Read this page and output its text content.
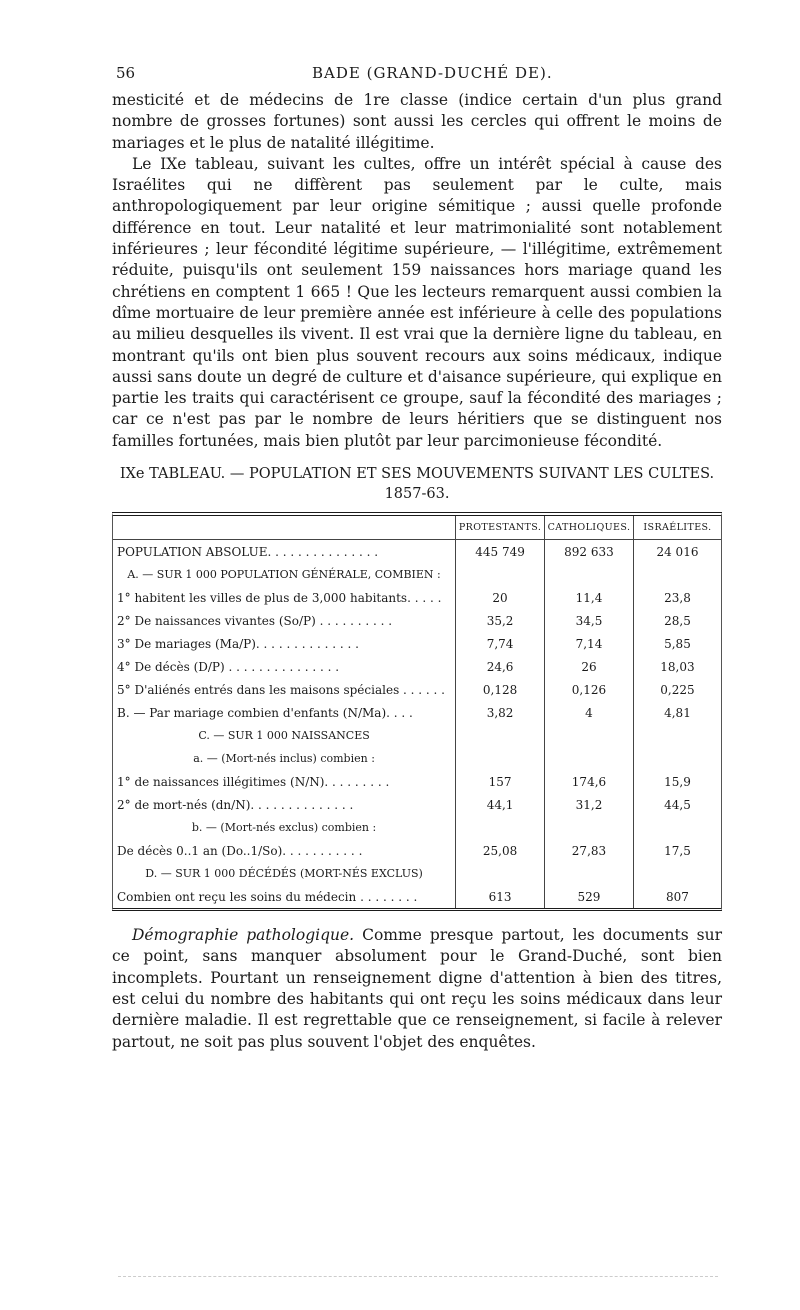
56	BADE (GRAND-DUCHÉ DE).

mesticité et de médecins de 1re classe (indice certain d'un plus grand nombre de grosses fortunes) sont aussi les cercles qui offrent le moins de mariages et le plus de natalité illégitime.

Le IXe tableau, suivant les cultes, offre un intérêt spécial à cause des Israélites qui ne diffèrent pas seulement par le culte, mais anthropologiquement par leur origine sémitique ; aussi quelle profonde différence en tout. Leur natalité et leur matrimonialité sont notablement inférieures ; leur fécondité légitime supérieure, — l'illégitime, extrêmement réduite, puisqu'ils ont seulement 159 naissances hors mariage quand les chrétiens en comptent 1 665 ! Que les lecteurs remarquent aussi combien la dîme mortuaire de leur première année est inférieure à celle des populations au milieu desquelles ils vivent. Il est vrai que la dernière ligne du tableau, en montrant qu'ils ont bien plus souvent recours aux soins médicaux, indique aussi sans doute un degré de culture et d'aisance supérieure, qui explique en partie les traits qui caractérisent ce groupe, sauf la fécondité des mariages ; car ce n'est pas par le nombre de leurs héritiers que se distinguent nos familles fortunées, mais bien plutôt par leur parcimonieuse fécondité.

IXe TABLEAU. — POPULATION ET SES MOUVEMENTS SUIVANT LES CULTES.
1857-63.
	PROTESTANTS.	CATHOLIQUES.	ISRAÉLITES.
POPULATION ABSOLUE. . . . . . . . . . . . . . .	445 749	892 633	24 016
A. — SUR 1 000 POPULATION GÉNÉRALE, COMBIEN :			
1° habitent les villes de plus de 3,000 habitants. . . . .	20	11,4	23,8
2° De naissances vivantes (So/P) . . . . . . . . . .	35,2	34,5	28,5
3° De mariages (Ma/P). . . . . . . . . . . . . .	7,74	7,14	5,85
4° De décès (D/P) . . . . . . . . . . . . . . .	24,6	26	18,03
5° D'aliénés entrés dans les maisons spéciales . . . . . .	0,128	0,126	0,225
B. — Par mariage combien d'enfants (N/Ma). . . .	3,82	4	4,81
C. — SUR 1 000 NAISSANCES			
a. — (Mort-nés inclus) combien :			
1° de naissances illégitimes (N/N). . . . . . . . .	157	174,6	15,9
2° de mort-nés (dn/N). . . . . . . . . . . . . .	44,1	31,2	44,5
b. — (Mort-nés exclus) combien :			
De décès 0..1 an (Do..1/So). . . . . . . . . . .	25,08	27,83	17,5
D. — SUR 1 000 DÉCÉDÉS (MORT-NÉS EXCLUS)			
Combien ont reçu les soins du médecin . . . . . . . .	613	529	807

Démographie pathologique. Comme presque partout, les documents sur ce point, sans manquer absolument pour le Grand-Duché, sont bien incomplets. Pourtant un renseignement digne d'attention à bien des titres, est celui du nombre des habitants qui ont reçu les soins médicaux dans leur dernière maladie. Il est regrettable que ce renseignement, si facile à relever partout, ne soit pas plus souvent l'objet des enquêtes.
